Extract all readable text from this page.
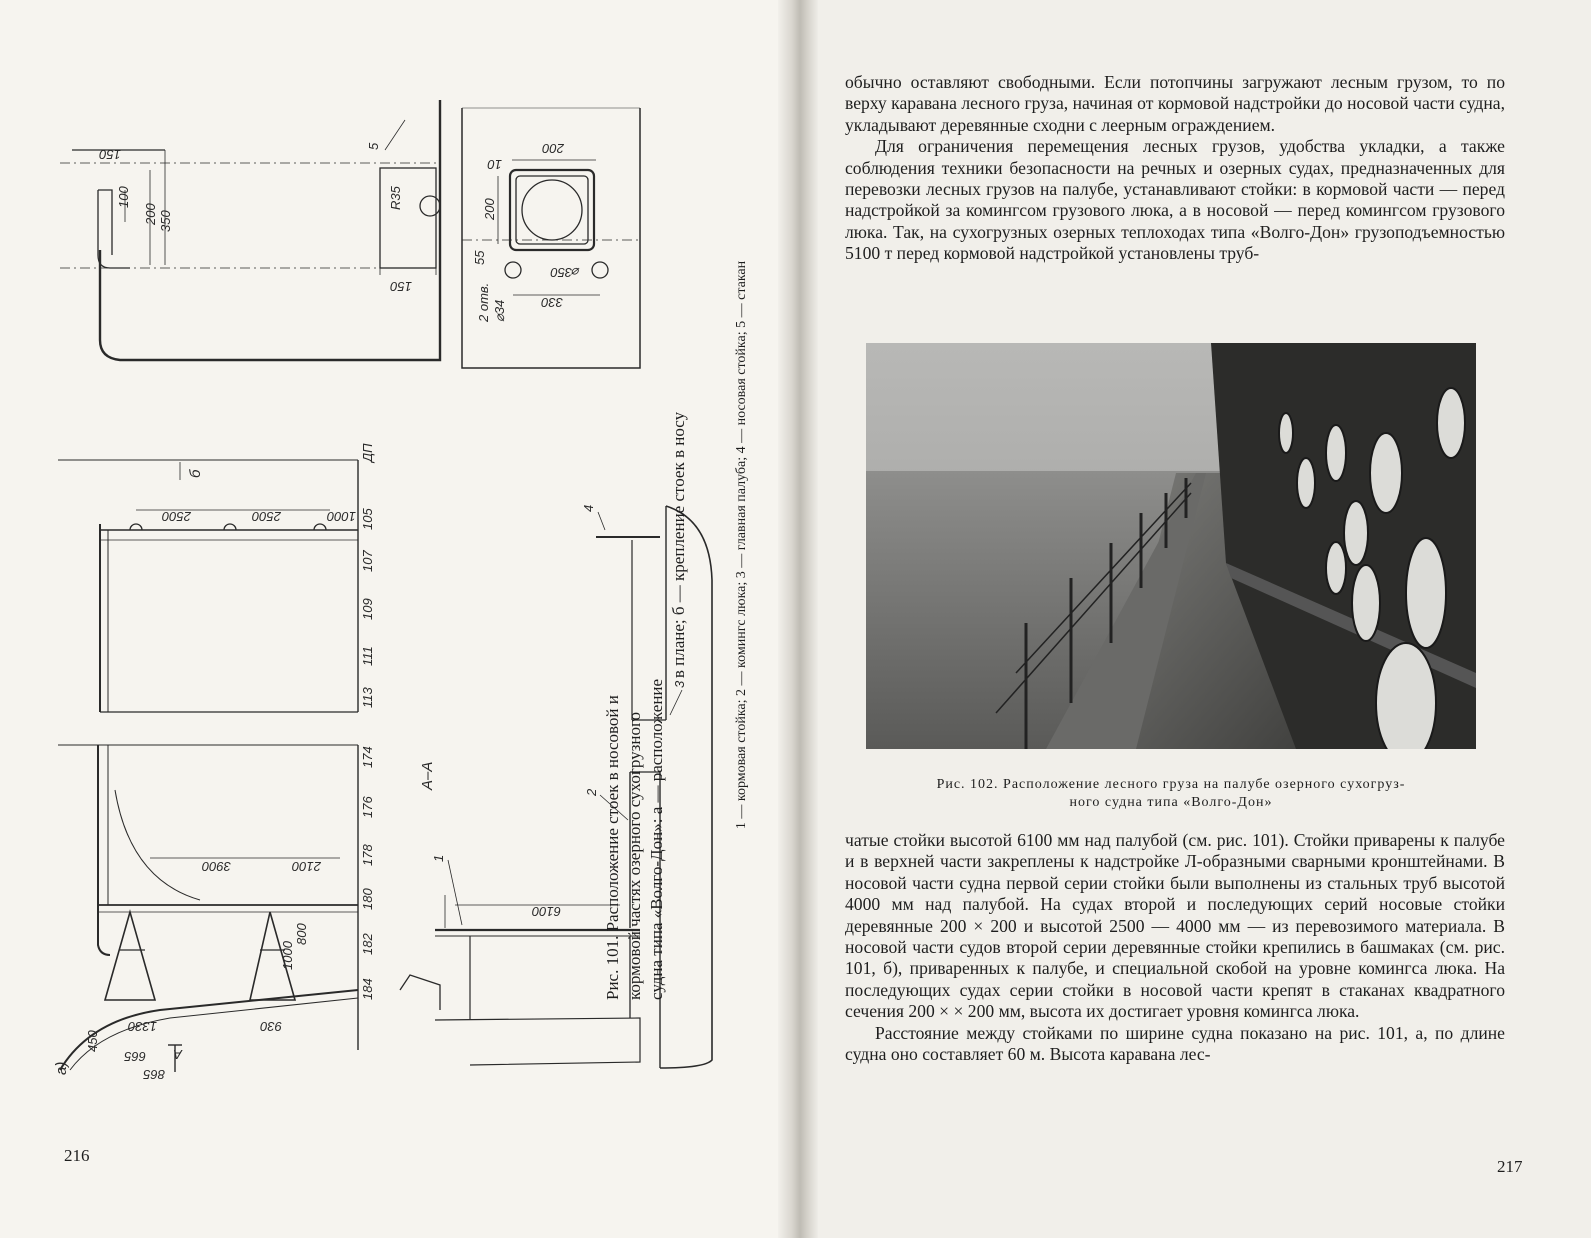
150
100
200 350
R35
150
200
10
200
55
2 отв. ⌀34
⌀350
330
2500	2500	1000
3900	2100
1000
800
1330	930
450
665
865
6100
ДП
105
107
109
111
113
174
176
178
180
182
184
А–А
а)
б
А
1
2
3
4
5

Рис. 101. Расположение стоек в носовой и кормовой частях озерного сухогрузного судна типа «Волго-Дон»: а — расположение

в плане; б — крепление стоек в носу	1 — кормовая стойка; 2 — комингс люка; 3 — главная палуба; 4 — носовая стойка; 5 — стакан
216

обычно оставляют свободными. Если потопчины загружают лесным грузом, то по верху каравана лесного груза, начиная от кормовой надстройки до носовой части судна, укладывают деревянные сходни с леерным ограждением.

Для ограничения перемещения лесных грузов, удобства укладки, а также соблюдения техники безопасности на речных и озерных судах, предназначенных для перевозки лесных грузов на палубе, устанавливают стойки: в кормовой части — перед надстройкой за комингсом грузового люка, а в носовой — перед комингсом грузового люка. Так, на сухогрузных озерных теплоходах типа «Волго-Дон» грузоподъемностью 5100 т перед кормовой надстройкой установлены труб-

Рис. 102. Расположение лесного груза на палубе озерного сухогруз-
ного судна типа «Волго-Дон»

чатые стойки высотой 6100 мм над палубой (см. рис. 101). Стойки приварены к палубе и в верхней части закреплены к надстройке Л-образными сварными кронштейнами. В носовой части судна первой серии стойки были выполнены из стальных труб высотой 4000 мм над палубой. На судах второй и последующих серий носовые стойки деревянные 200 × 200 и высотой 2500 — 4000 мм — из перевозимого материала. В носовой части судов второй серии деревянные стойки крепились в башмаках (см. рис. 101, б), приваренных к палубе, и специальной скобой на уровне комингса люка. На последующих судах серии стойки в носовой части крепят в стаканах квадратного сечения 200 × × 200 мм, высота их достигает уровня комингса люка.

Расстояние между стойками по ширине судна показано на рис. 101, а, по длине судна оно составляет 60 м. Высота каравана лес-

217
